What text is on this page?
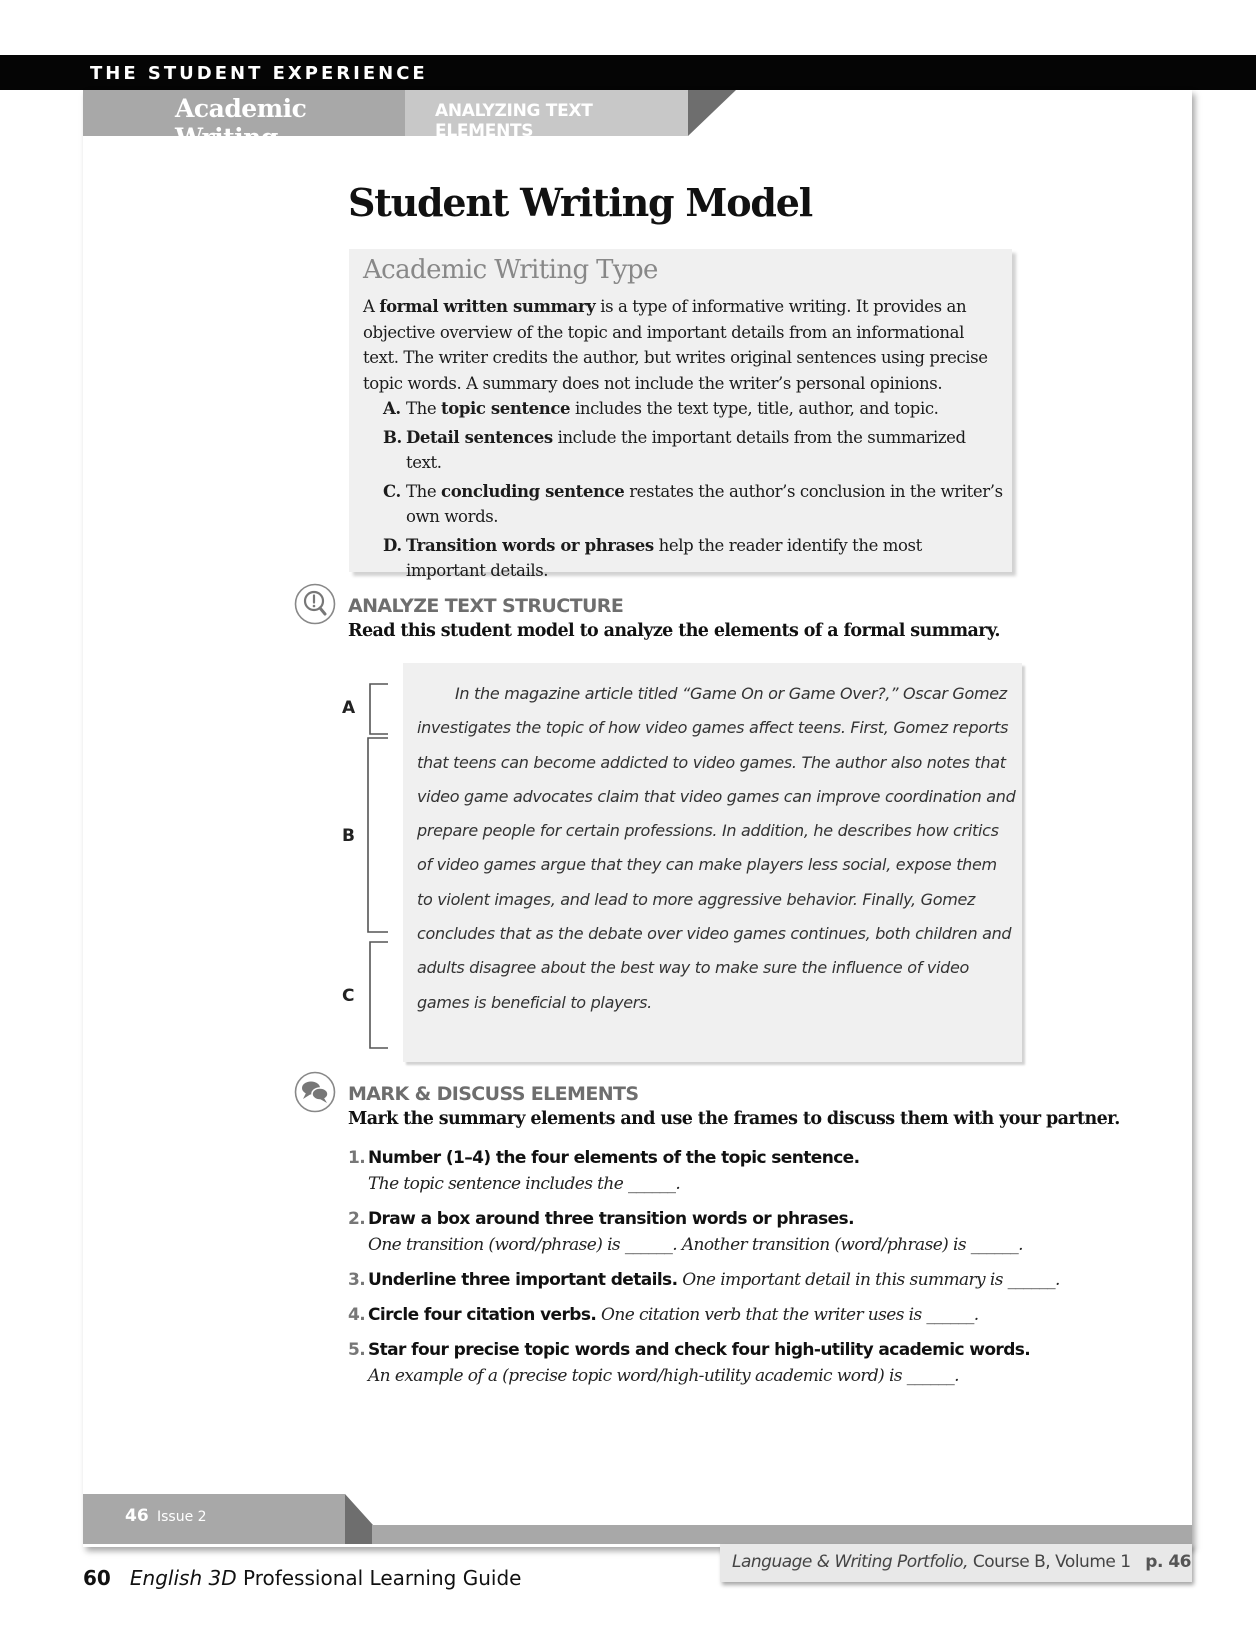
THE STUDENT EXPERIENCE
Academic Writing
ANALYZING TEXT ELEMENTS
Student Writing Model
Academic Writing Type

A formal written summary is a type of informative writing. It provides an objective overview of the topic and important details from an informational text. The writer credits the author, but writes original sentences using precise topic words. A summary does not include the writer’s personal opinions.

A. The topic sentence includes the text type, title, author, and topic.
B. Detail sentences include the important details from the summarized text.
C. The concluding sentence restates the author’s conclusion in the writer’s own words.
D. Transition words or phrases help the reader identify the most important details.
ANALYZE TEXT STRUCTURE
Read this student model to analyze the elements of a formal summary.
A
B
C

In the magazine article titled “Game On or Game Over?,” Oscar Gomez investigates the topic of how video games affect teens. First, Gomez reports that teens can become addicted to video games. The author also notes that video game advocates claim that video games can improve coordination and prepare people for certain professions. In addition, he describes how critics of video games argue that they can make players less social, expose them to violent images, and lead to more aggressive behavior. Finally, Gomez concludes that as the debate over video games continues, both children and adults disagree about the best way to make sure the influence of video games is beneficial to players.

MARK & DISCUSS ELEMENTS
Mark the summary elements and use the frames to discuss them with your partner.
1. Number (1–4) the four elements of the topic sentence.
The topic sentence includes the ______.
2. Draw a box around three transition words or phrases.
One transition (word/phrase) is ______. Another transition (word/phrase) is ______.
3. Underline three important details. One important detail in this summary is ______.
4. Circle four citation verbs. One citation verb that the writer uses is ______.
5. Star four precise topic words and check four high-utility academic words.
An example of a (precise topic word/high-utility academic word) is ______.
46 Issue 2
Language & Writing Portfolio, Course B, Volume 1 p. 46
60 English 3D Professional Learning Guide
